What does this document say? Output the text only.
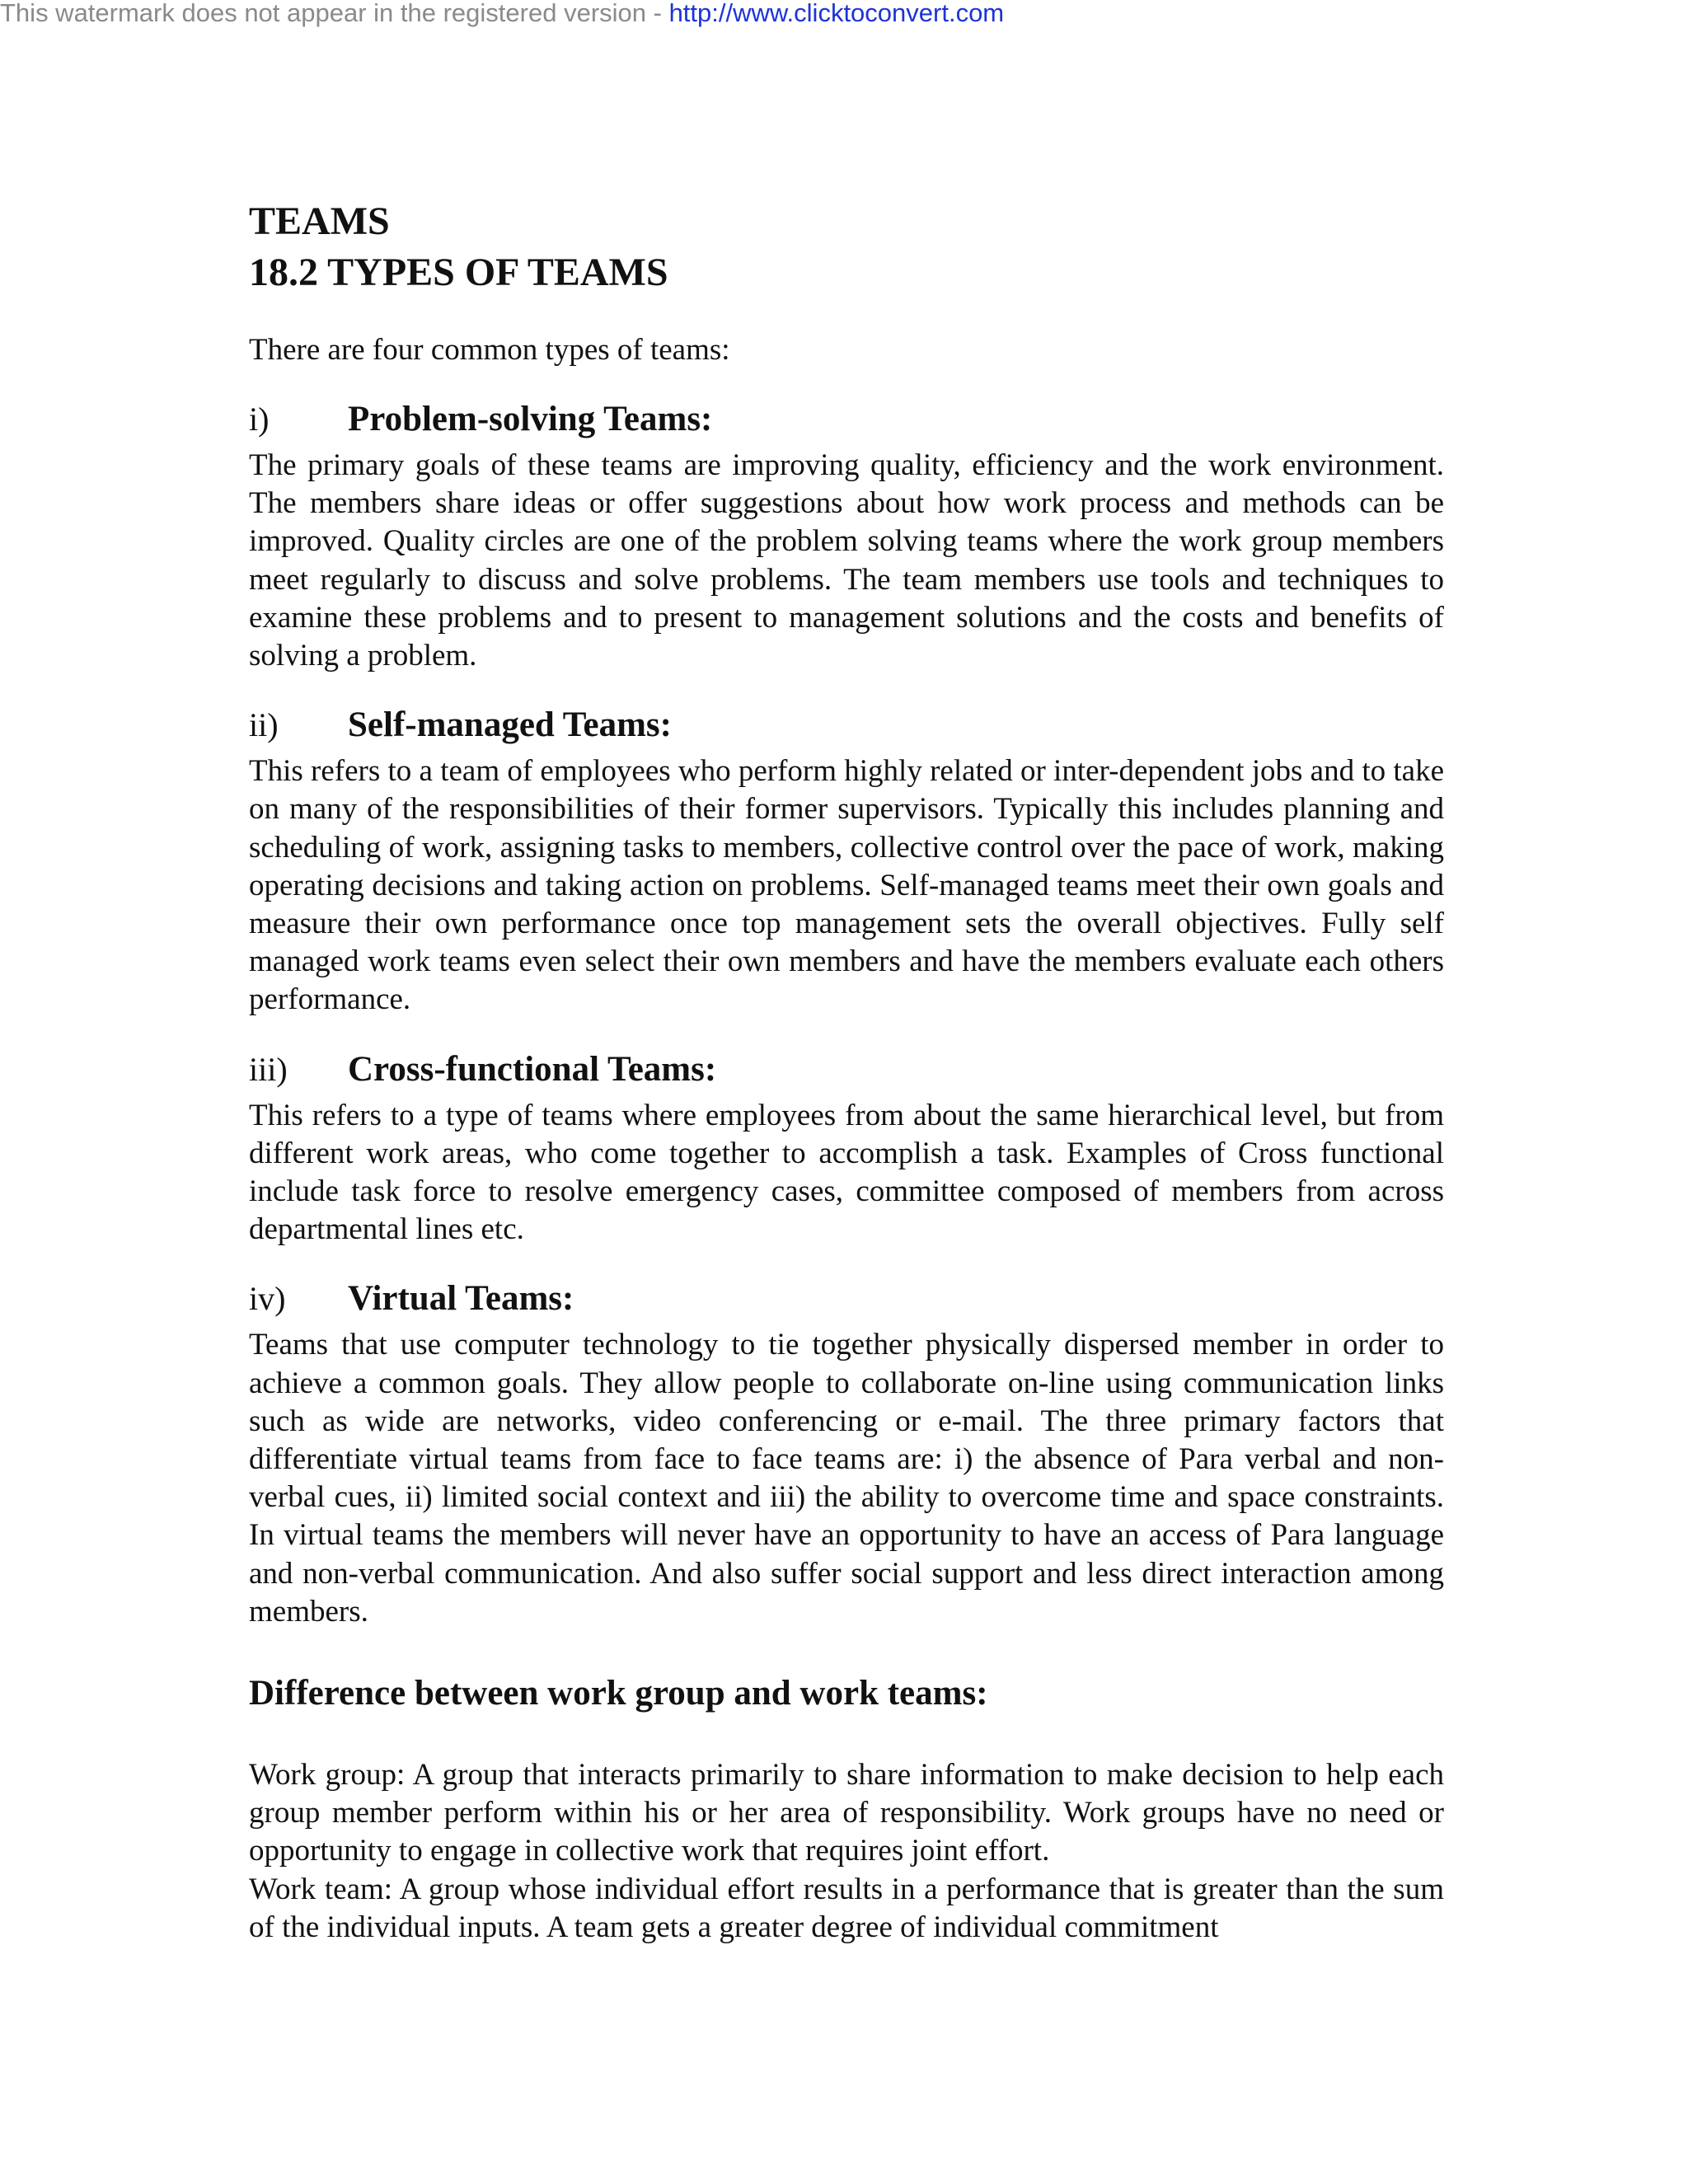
This watermark does not appear in the registered version - http://www.clicktoconvert.com
TEAMS
18.2 TYPES OF TEAMS

There are four common types of teams:

i)	Problem-solving Teams:

The primary goals of these teams are improving quality, efficiency and the work environment. The members share ideas or offer suggestions about how work process and methods can be improved. Quality circles are one of the problem solving teams where the work group members meet regularly to discuss and solve problems. The team members use tools and techniques to examine these problems and to present to management solutions and the costs and benefits of solving a problem.

ii)	Self-managed Teams:

This refers to a team of employees who perform highly related or inter-dependent jobs and to take on many of the responsibilities of their former supervisors. Typically this includes planning and scheduling of work, assigning tasks to members, collective control over the pace of work, making operating decisions and taking action on problems. Self-managed teams meet their own goals and measure their own performance once top management sets the overall objectives. Fully self managed work teams even select their own members and have the members evaluate each others performance.

iii)	Cross-functional Teams:

This refers to a type of teams where employees from about the same hierarchical level, but from different work areas, who come together to accomplish a task. Examples of Cross functional include task force to resolve emergency cases, committee composed of members from across departmental lines etc.

iv)	Virtual Teams:

Teams that use computer technology to tie together physically dispersed member in order to achieve a common goals. They allow people to collaborate on-line using communication links such as wide are networks, video conferencing or e-mail. The three primary factors that differentiate virtual teams from face to face teams are: i) the absence of Para verbal and non-verbal cues, ii) limited social context and iii) the ability to overcome time and space constraints. In virtual teams the members will never have an opportunity to have an access of Para language and non-verbal communication. And also suffer social support and less direct interaction among members.

Difference between work group and work teams:

Work group: A group that interacts primarily to share information to make decision to help each group member perform within his or her area of responsibility. Work groups have no need or opportunity to engage in collective work that requires joint effort.

Work team: A group whose individual effort results in a performance that is greater than the sum of the individual inputs. A team gets a greater degree of individual commitment
